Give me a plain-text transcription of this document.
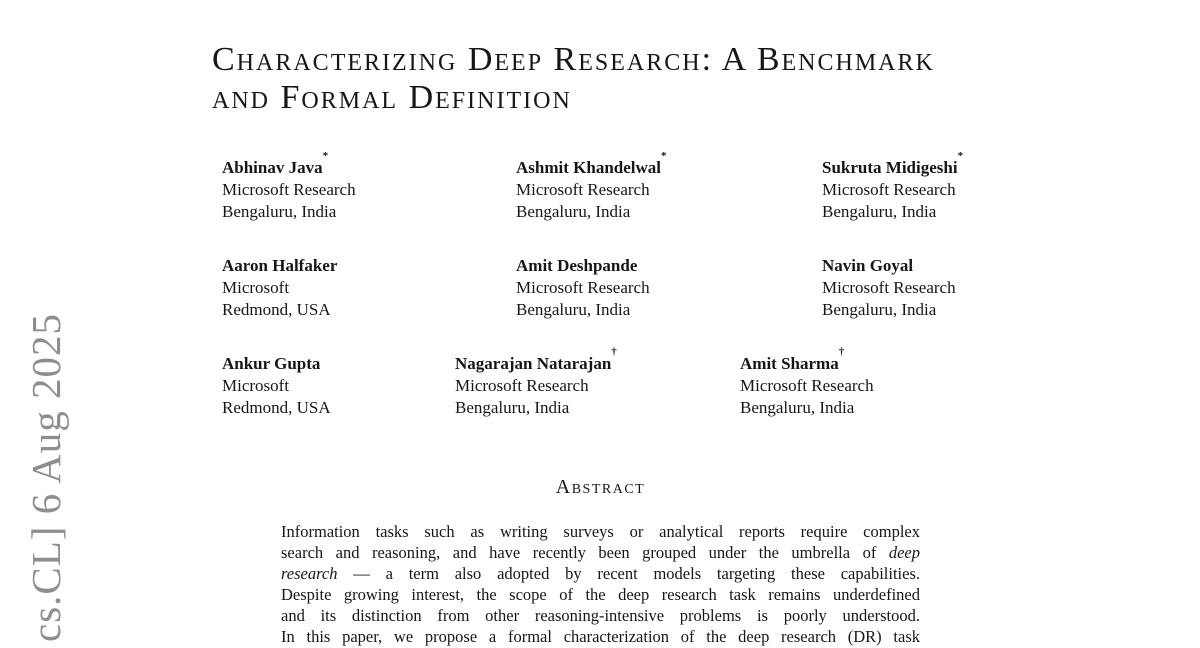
cs.CL] 6 Aug 2025
Characterizing Deep Research: A Benchmark
and Formal Definition
Abhinav Java*
Microsoft Research
Bengaluru, India
Ashmit Khandelwal*
Microsoft Research
Bengaluru, India
Sukruta Midigeshi*
Microsoft Research
Bengaluru, India
Aaron Halfaker
Microsoft
Redmond, USA
Amit Deshpande
Microsoft Research
Bengaluru, India
Navin Goyal
Microsoft Research
Bengaluru, India
Ankur Gupta
Microsoft
Redmond, USA
Nagarajan Natarajan†
Microsoft Research
Bengaluru, India
Amit Sharma†
Microsoft Research
Bengaluru, India
Abstract
Information tasks such as writing surveys or analytical reports require complex
search and reasoning, and have recently been grouped under the umbrella of deep
research — a term also adopted by recent models targeting these capabilities.
Despite growing interest, the scope of the deep research task remains underdefined
and its distinction from other reasoning-intensive problems is poorly understood.
In this paper, we propose a formal characterization of the deep research (DR) task
